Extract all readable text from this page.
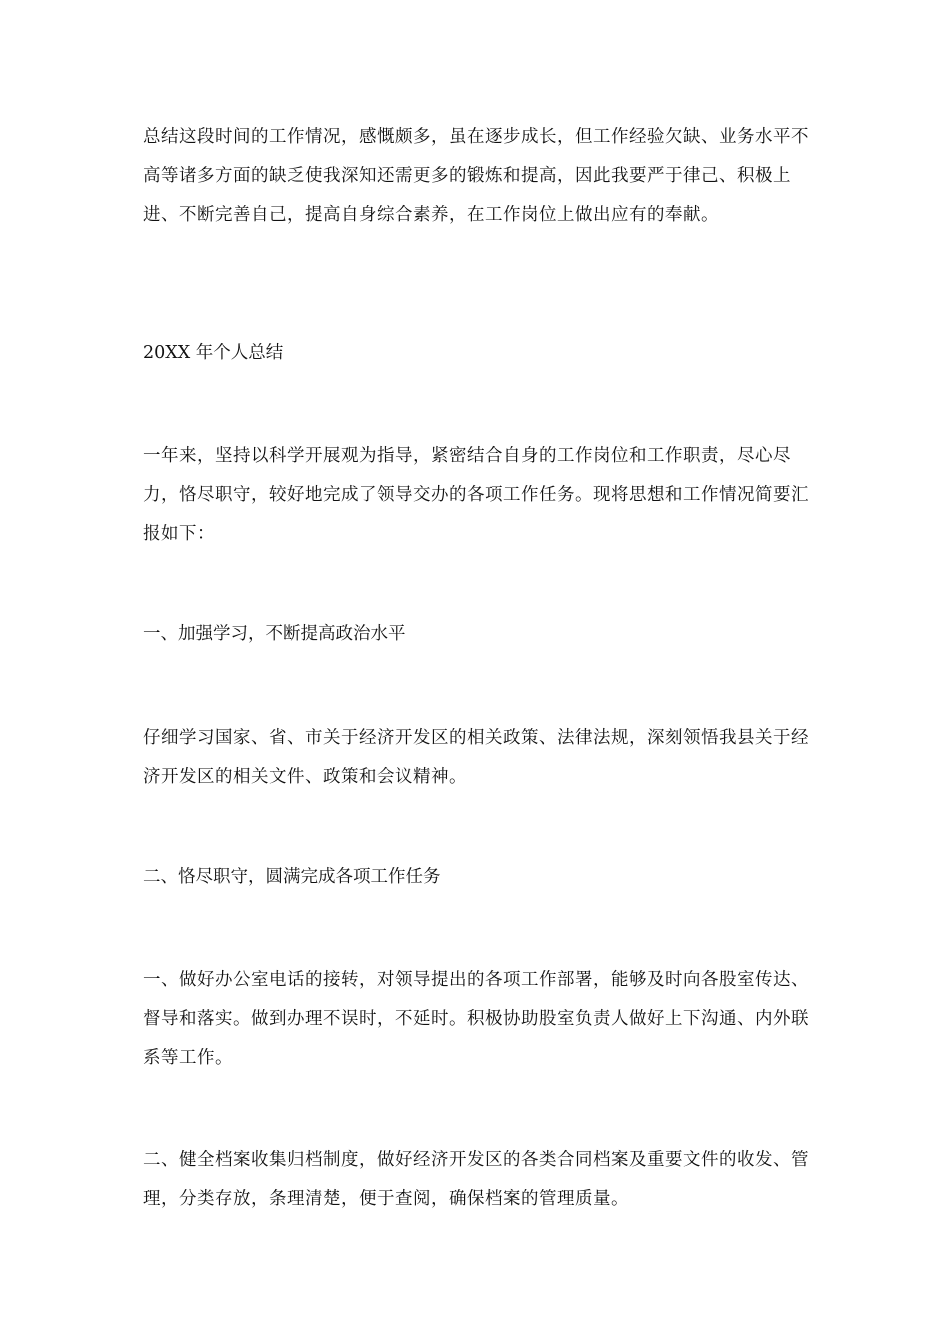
总结这段时间的工作情况，感慨颇多，虽在逐步成长，但工作经验欠缺、业务水平不高等诸多方面的缺乏使我深知还需更多的锻炼和提高，因此我要严于律己、积极上进、不断完善自己，提高自身综合素养，在工作岗位上做出应有的奉献。

20XX 年个人总结

一年来，坚持以科学开展观为指导，紧密结合自身的工作岗位和工作职责，尽心尽力，恪尽职守，较好地完成了领导交办的各项工作任务。现将思想和工作情况简要汇报如下：

一、加强学习，不断提高政治水平

仔细学习国家、省、市关于经济开发区的相关政策、法律法规，深刻领悟我县关于经济开发区的相关文件、政策和会议精神。

二、恪尽职守，圆满完成各项工作任务

一、做好办公室电话的接转，对领导提出的各项工作部署，能够及时向各股室传达、督导和落实。做到办理不误时，不延时。积极协助股室负责人做好上下沟通、内外联系等工作。

二、健全档案收集归档制度，做好经济开发区的各类合同档案及重要文件的收发、管理，分类存放，条理清楚，便于查阅，确保档案的管理质量。
